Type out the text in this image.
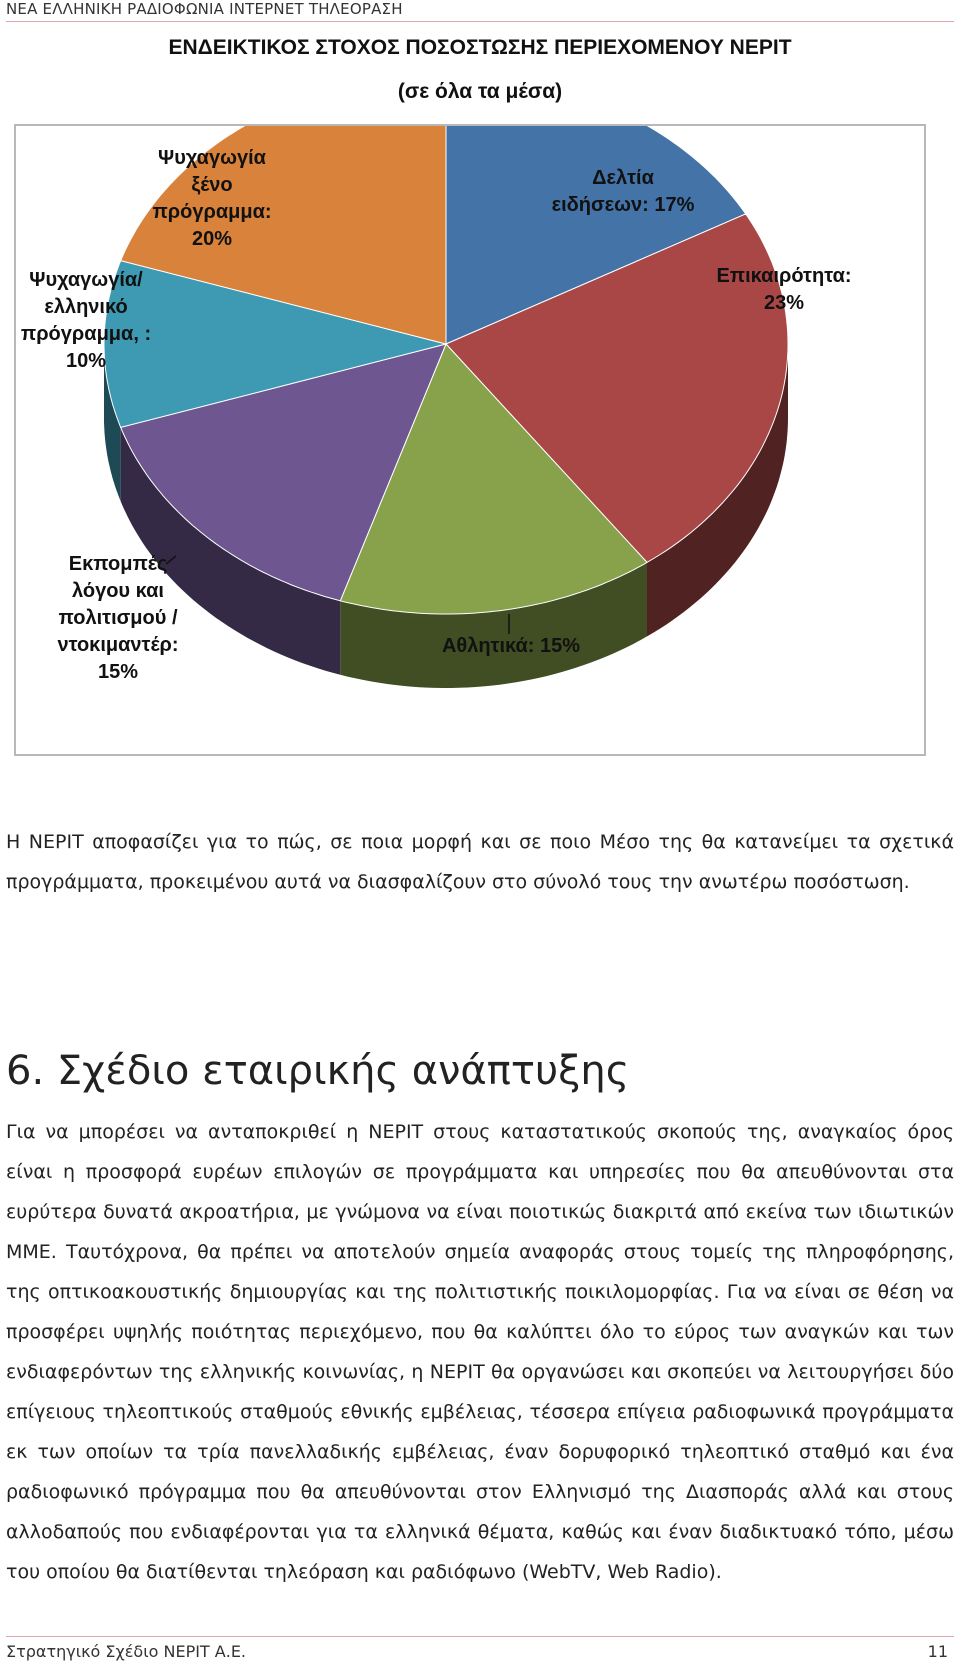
ΝΕΑ ΕΛΛΗΝΙΚΗ ΡΑΔΙΟΦΩΝΙΑ ΙΝΤΕΡΝΕΤ ΤΗΛΕΟΡΑΣΗ
ΕΝΔΕΙΚΤΙΚΟΣ ΣΤΟΧΟΣ ΠΟΣΟΣΤΩΣΗΣ ΠΕΡΙΕΧΟΜΕΝΟΥ ΝΕΡΙΤ
(σε όλα τα μέσα)
Δελτία ειδήσεων: 17%
Επικαιρότητα: 23%
Αθλητικά: 15%
Εκπομπές λόγου και πολιτισμού / ντοκιμαντέρ: 15%
Ψυχαγωγία/ ελληνικό πρόγραμμα, : 10%
Ψυχαγωγία ξένο πρόγραμμα: 20%

Η ΝΕΡΙΤ αποφασίζει για το πώς, σε ποια μορφή και σε ποιο Μέσο της θα κατανείμει τα σχετικά προγράμματα, προκειμένου αυτά να διασφαλίζουν στο σύνολό τους την ανωτέρω ποσόστωση.

6. Σχέδιο εταιρικής ανάπτυξης

Για να μπορέσει να ανταποκριθεί η ΝΕΡΙΤ στους καταστατικούς σκοπούς της, αναγκαίος όρος είναι η προσφορά ευρέων επιλογών σε προγράμματα και υπηρεσίες που θα απευθύνονται στα ευρύτερα δυνατά ακροατήρια, με γνώμονα να είναι ποιοτικώς διακριτά από εκείνα των ιδιωτικών ΜΜΕ. Ταυτόχρονα, θα πρέπει να αποτελούν σημεία αναφοράς στους τομείς της πληροφόρησης, της οπτικοακουστικής δημιουργίας και της πολιτιστικής ποικιλομορφίας. Για να είναι σε θέση να προσφέρει υψηλής ποιότητας περιεχόμενο, που θα καλύπτει όλο το εύρος των αναγκών και των ενδιαφερόντων της ελληνικής κοινωνίας, η ΝΕΡΙΤ θα οργανώσει και σκοπεύει να λειτουργήσει δύο επίγειους τηλεοπτικούς σταθμούς εθνικής εμβέλειας, τέσσερα επίγεια ραδιοφωνικά προγράμματα εκ των οποίων τα τρία πανελλαδικής εμβέλειας, έναν δορυφορικό τηλεοπτικό σταθμό και ένα ραδιοφωνικό πρόγραμμα που θα απευθύνονται στον Ελληνισμό της Διασποράς αλλά και στους αλλοδαπούς που ενδιαφέρονται για τα ελληνικά θέματα, καθώς και έναν διαδικτυακό τόπο, μέσω του οποίου θα διατίθενται τηλεόραση και ραδιόφωνο (WebTV, Web Radio).

Στρατηγικό Σχέδιο ΝΕΡΙΤ Α.Ε.	11
